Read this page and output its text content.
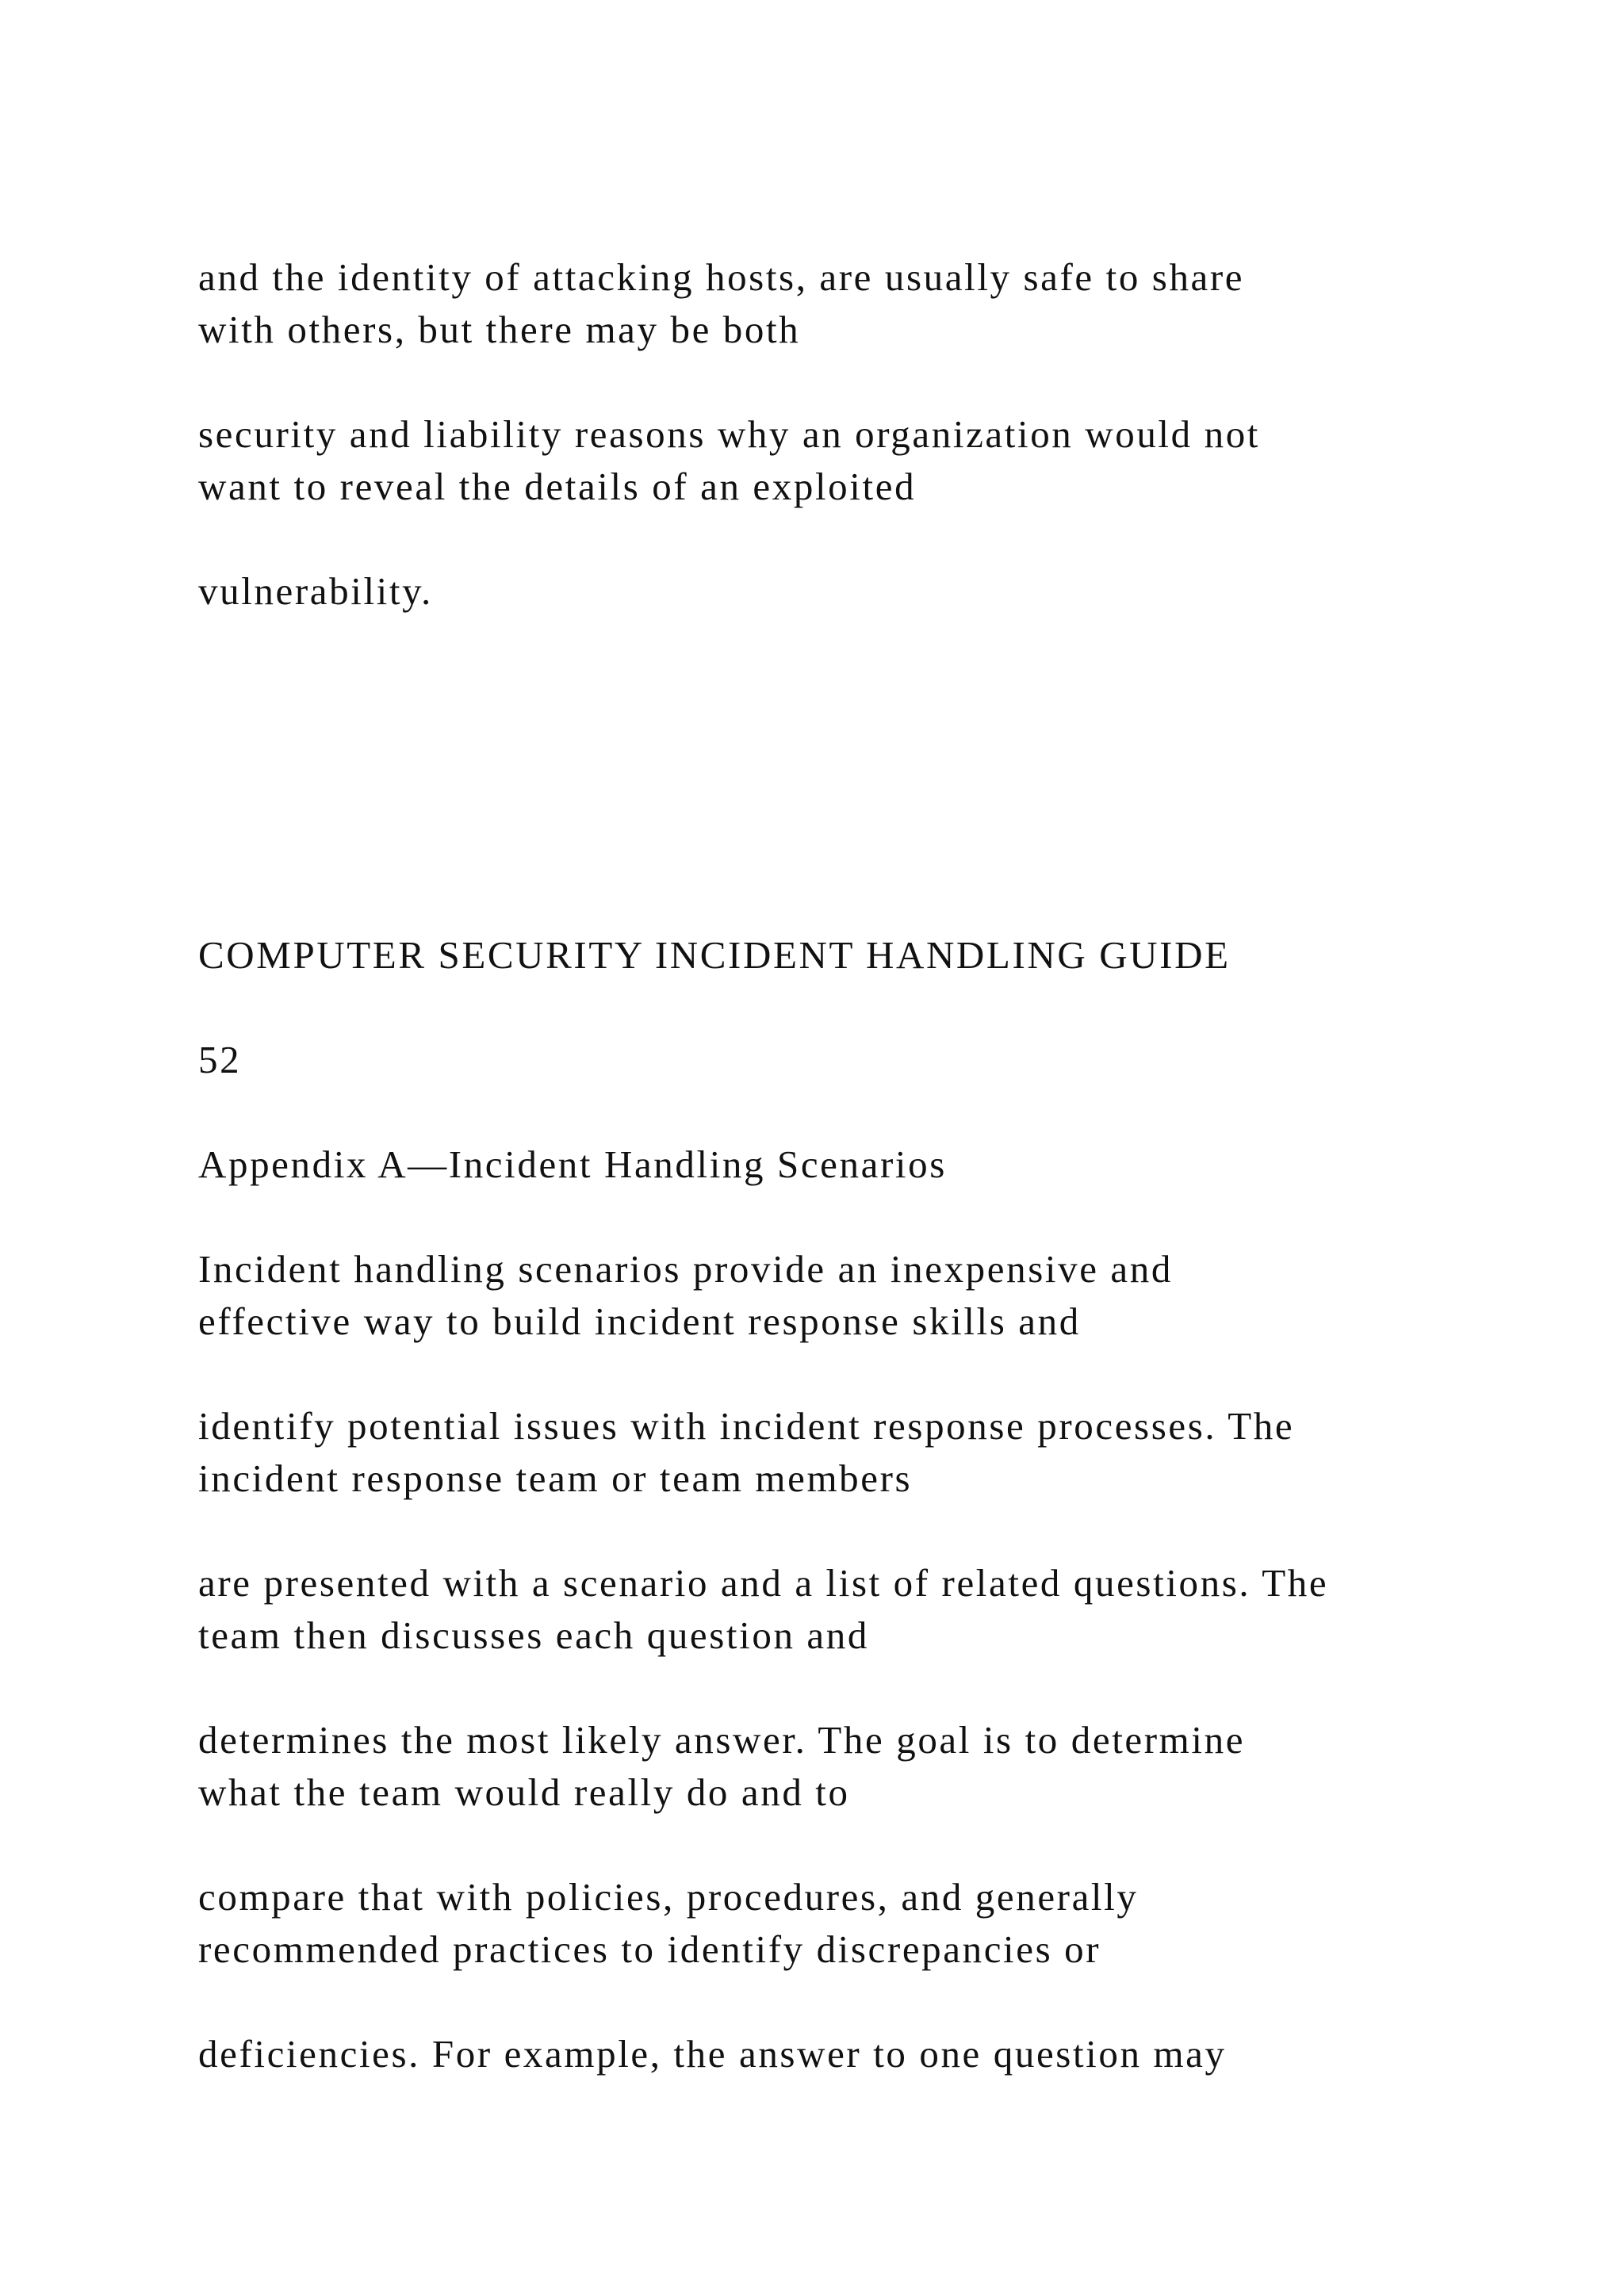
and the identity of attacking hosts, are usually safe to share
with others, but there may be both
security and liability reasons why an organization would not
want to reveal the details of an exploited
vulnerability.
COMPUTER SECURITY INCIDENT HANDLING GUIDE
52
Appendix A—Incident Handling Scenarios
Incident handling scenarios provide an inexpensive and
effective way to build incident response skills and
identify potential issues with incident response processes. The
incident response team or team members
are presented with a scenario and a list of related questions. The
team then discusses each question and
determines the most likely answer. The goal is to determine
what the team would really do and to
compare that with policies, procedures, and generally
recommended practices to identify discrepancies or
deficiencies. For example, the answer to one question may
